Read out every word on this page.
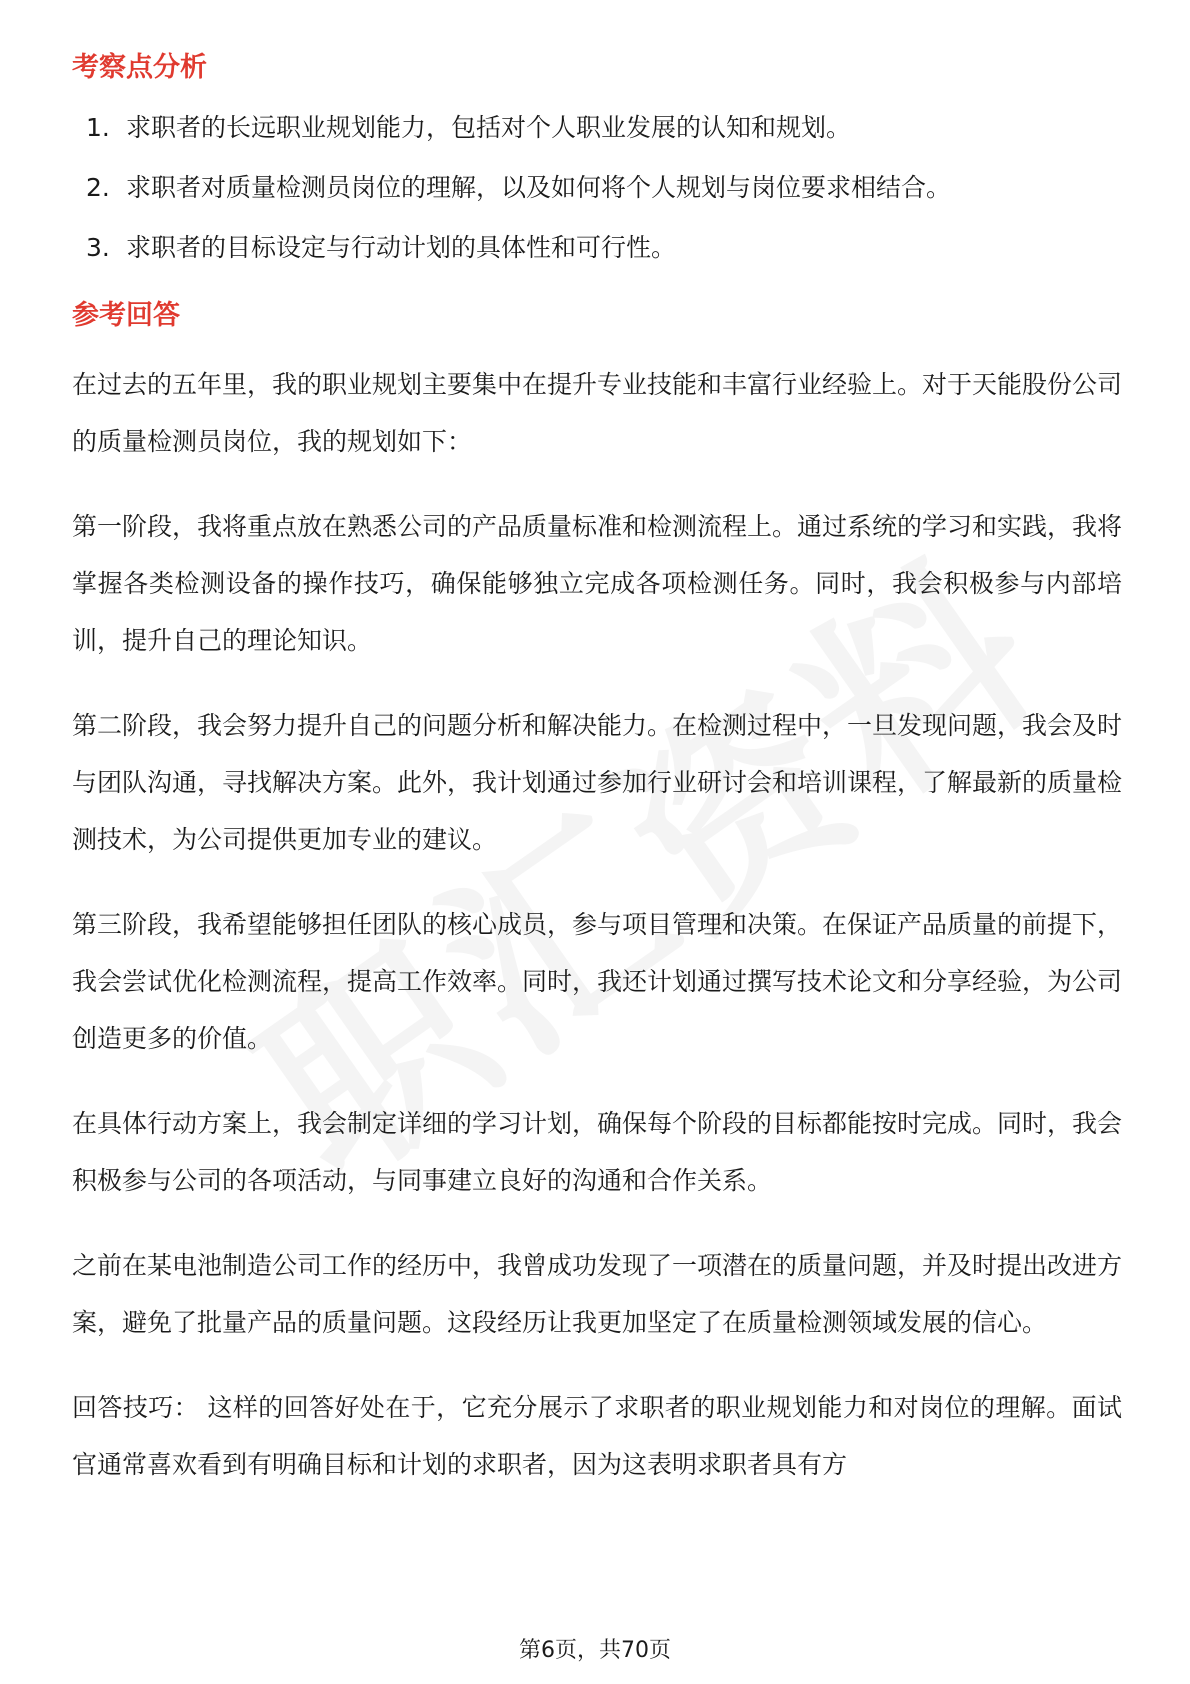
考察点分析
1. 求职者的长远职业规划能力，包括对个人职业发展的认知和规划。
2. 求职者对质量检测员岗位的理解，以及如何将个人规划与岗位要求相结合。
3. 求职者的目标设定与行动计划的具体性和可行性。
参考回答

在过去的五年里，我的职业规划主要集中在提升专业技能和丰富行业经验上。对于天能股份公司的质量检测员岗位，我的规划如下：

第一阶段，我将重点放在熟悉公司的产品质量标准和检测流程上。通过系统的学习和实践，我将掌握各类检测设备的操作技巧，确保能够独立完成各项检测任务。同时，我会积极参与内部培训，提升自己的理论知识。

第二阶段，我会努力提升自己的问题分析和解决能力。在检测过程中，一旦发现问题，我会及时与团队沟通，寻找解决方案。此外，我计划通过参加行业研讨会和培训课程，了解最新的质量检测技术，为公司提供更加专业的建议。

第三阶段，我希望能够担任团队的核心成员，参与项目管理和决策。在保证产品质量的前提下，我会尝试优化检测流程，提高工作效率。同时，我还计划通过撰写技术论文和分享经验，为公司创造更多的价值。

在具体行动方案上，我会制定详细的学习计划，确保每个阶段的目标都能按时完成。同时，我会积极参与公司的各项活动，与同事建立良好的沟通和合作关系。

之前在某电池制造公司工作的经历中，我曾成功发现了一项潜在的质量问题，并及时提出改进方案，避免了批量产品的质量问题。这段经历让我更加坚定了在质量检测领域发展的信心。

回答技巧： 这样的回答好处在于，它充分展示了求职者的职业规划能力和对岗位的理解。面试官通常喜欢看到有明确目标和计划的求职者，因为这表明求职者具有方

第6页，共70页
